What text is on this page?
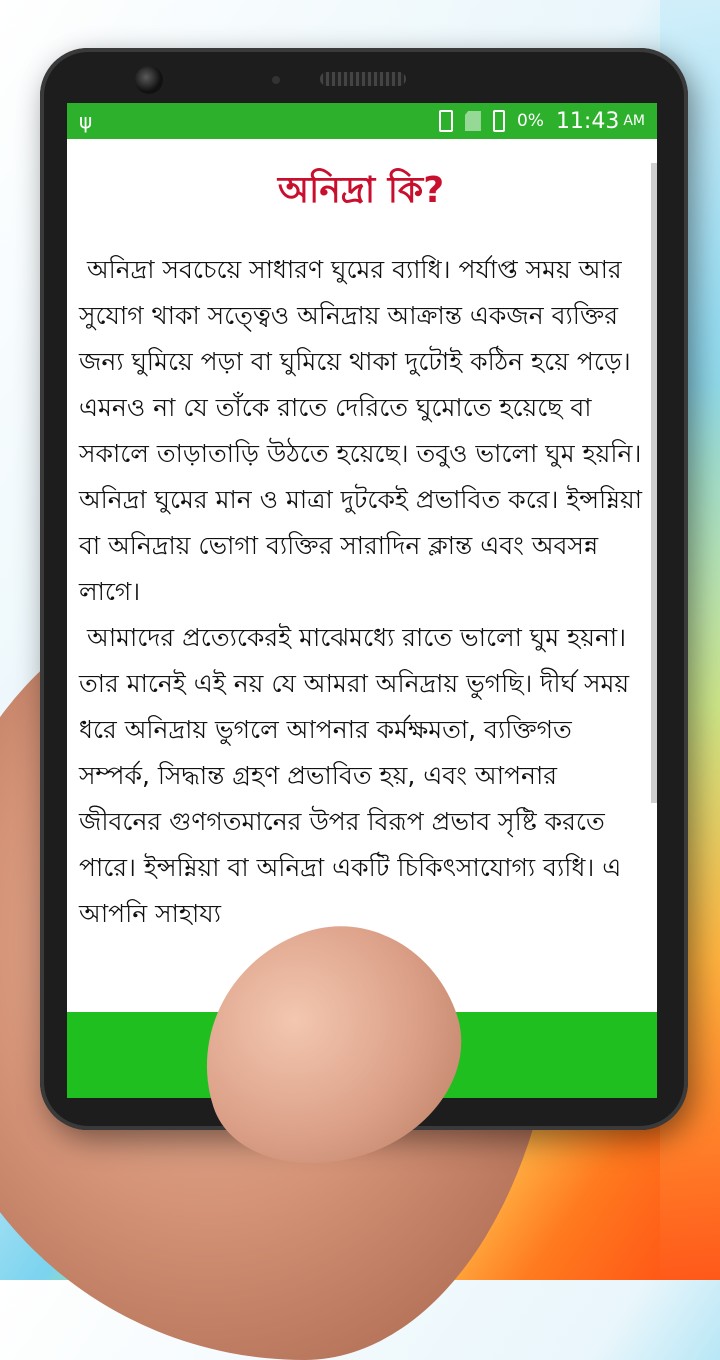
ψ	0% 11:43 AM
অনিদ্রা কি?

অনিদ্রা সবচেয়ে সাধারণ ঘুমের ব্যাধি। পর্যাপ্ত সময় আর সুযোগ থাকা সত্ত্বেও অনিদ্রায় আক্রান্ত একজন ব্যক্তির জন্য ঘুমিয়ে পড়া বা ঘুমিয়ে থাকা দুটোই কঠিন হয়ে পড়ে। এমনও না যে তাঁকে রাতে দেরিতে ঘুমোতে হয়েছে বা সকালে তাড়াতাড়ি উঠতে হয়েছে। তবুও ভালো ঘুম হয়নি। অনিদ্রা ঘুমের মান ও মাত্রা দুটকেই প্রভাবিত করে। ইন্সম্নিয়া বা অনিদ্রায় ভোগা ব্যক্তির সারাদিন ক্লান্ত এবং অবসন্ন লাগে।

আমাদের প্রত্যেকেরই মাঝেমধ্যে রাতে ভালো ঘুম হয়না। তার মানেই এই নয় যে আমরা অনিদ্রায় ভুগছি। দীর্ঘ সময় ধরে অনিদ্রায় ভুগলে আপনার কর্মক্ষমতা, ব্যক্তিগত সম্পর্ক, সিদ্ধান্ত গ্রহণ প্রভাবিত হয়, এবং আপনার জীবনের গুণগতমানের উপর বিরূপ প্রভাব সৃষ্টি করতে পারে। ইন্সম্নিয়া বা অনিদ্রা একটি চিকিৎসাযোগ্য ব্যধি। এ আপনি সাহায্য
